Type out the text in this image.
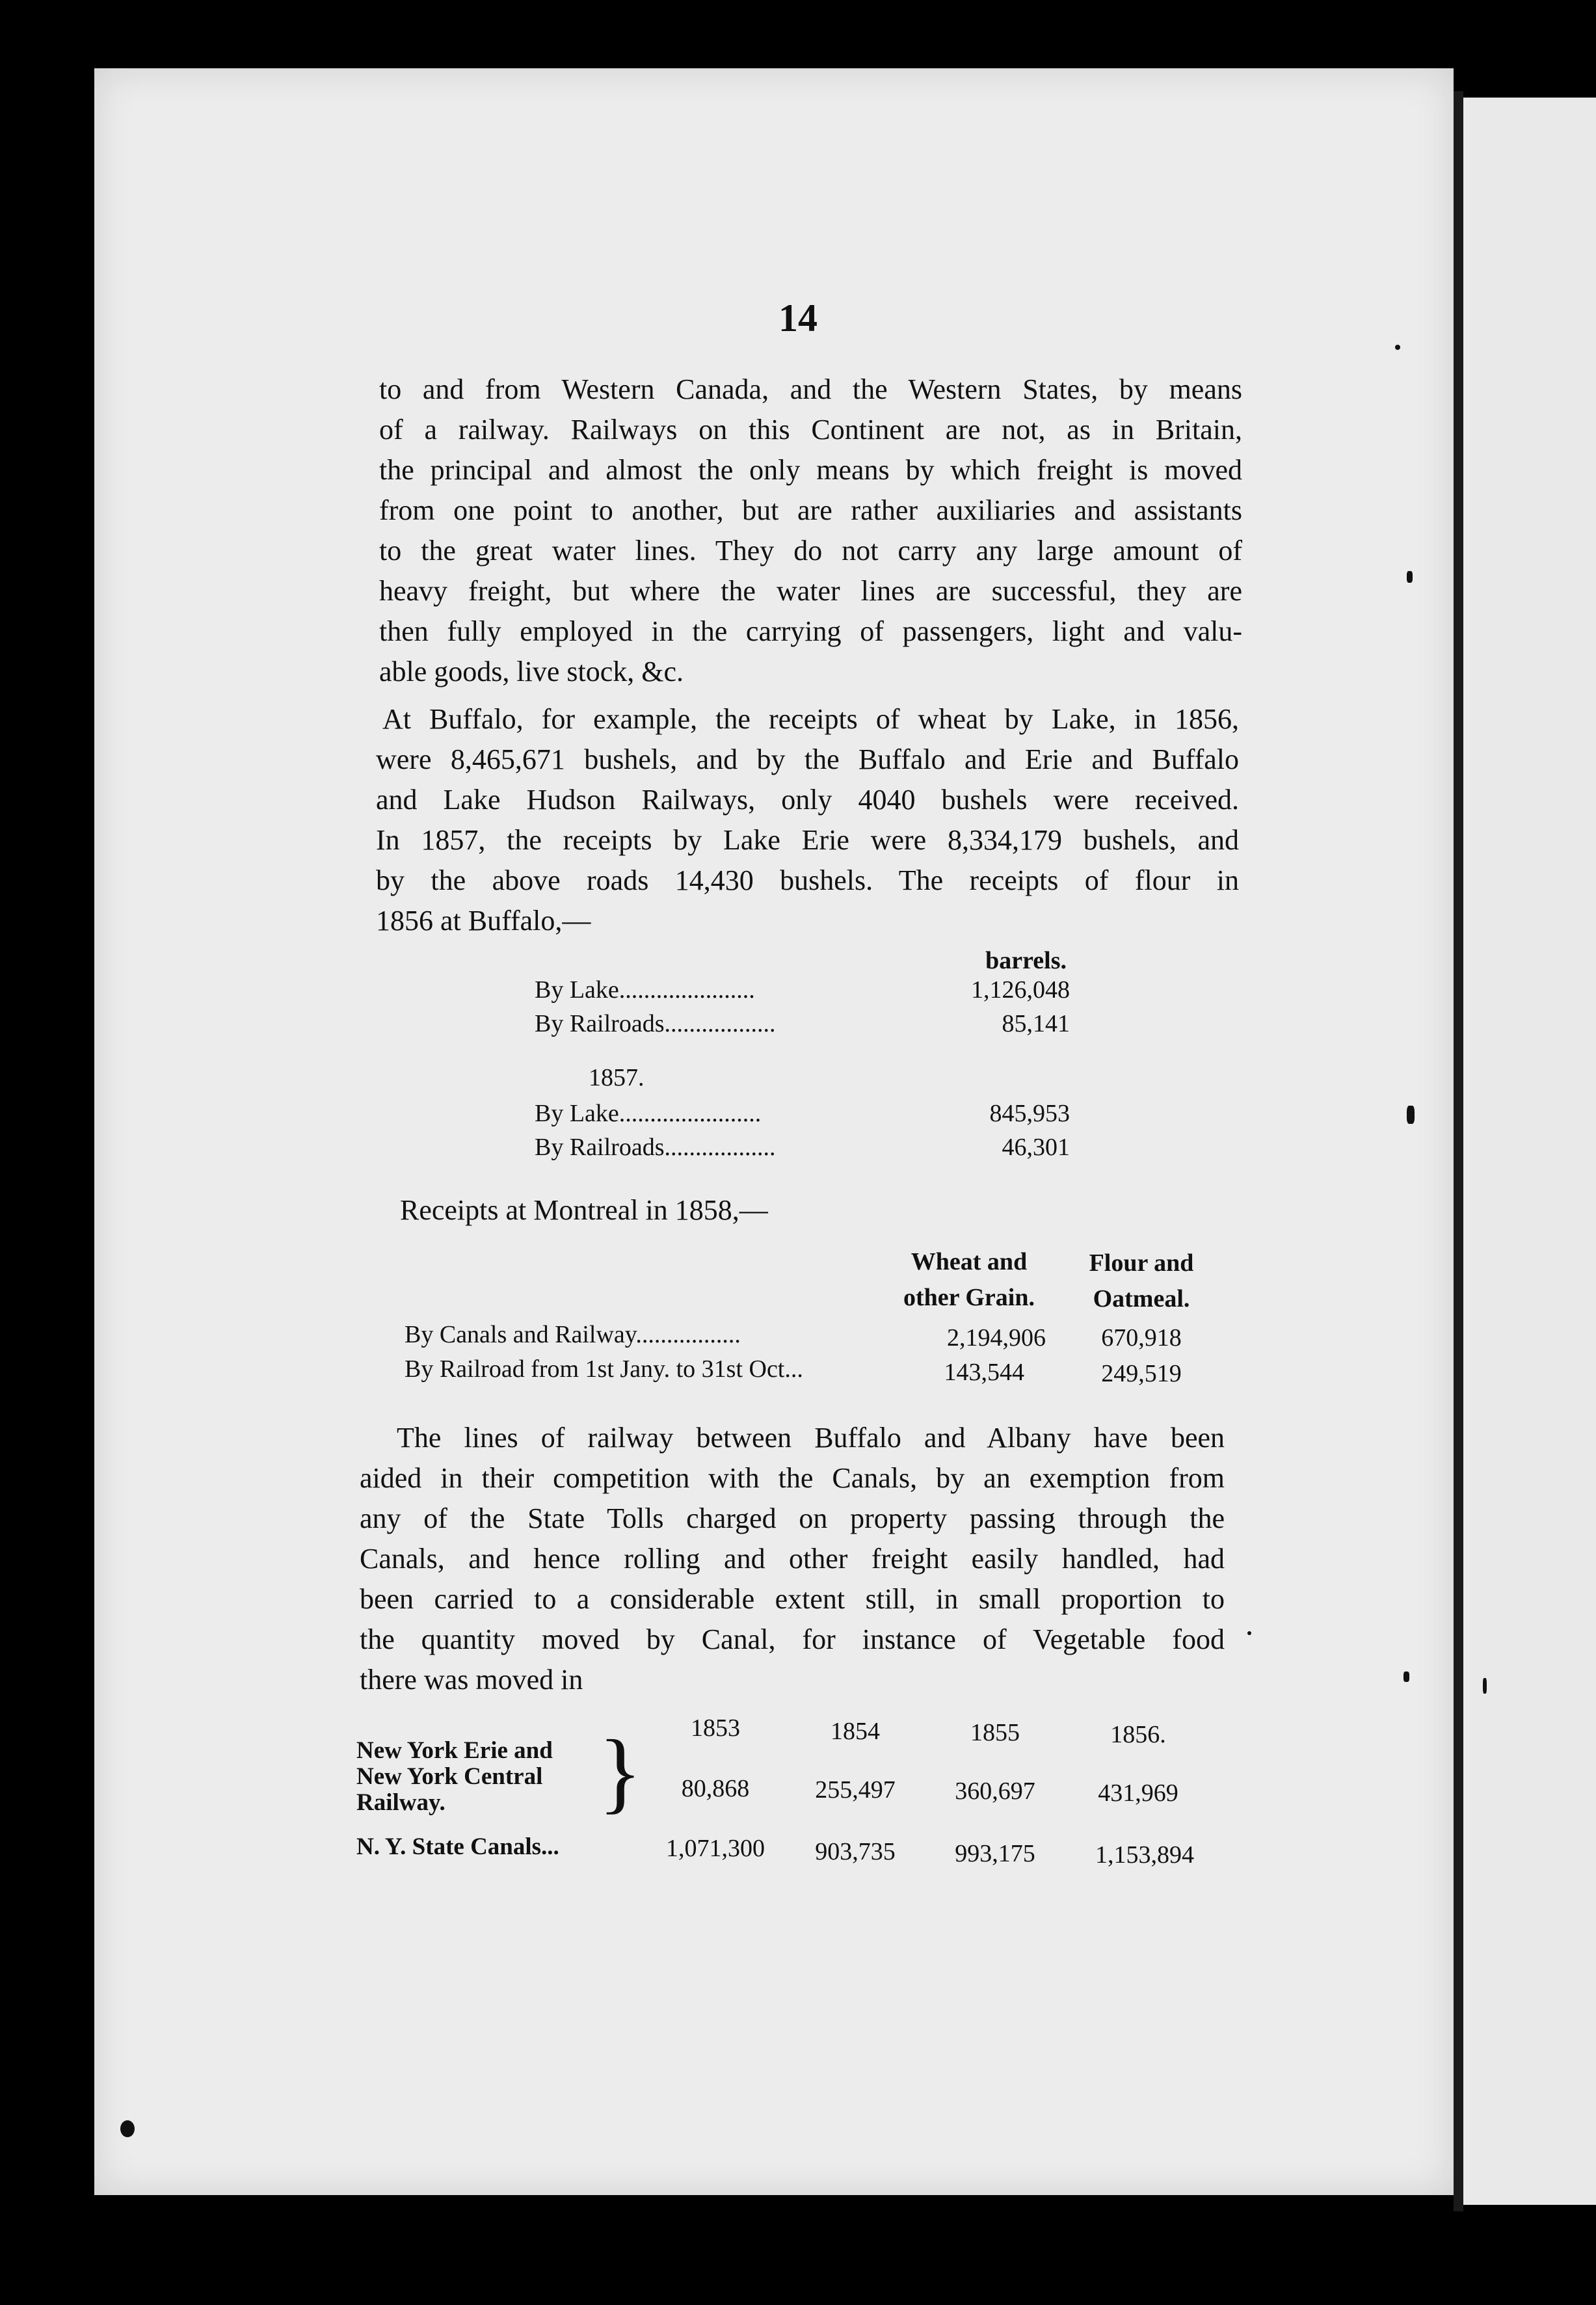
14
to and from Western Canada, and the Western States, by means
of a railway. Railways on this Continent are not, as in Britain,
the principal and almost the only means by which freight is moved
from one point to another, but are rather auxiliaries and assistants
to the great water lines. They do not carry any large amount of
heavy freight, but where the water lines are successful, they are
then fully employed in the carrying of passengers, light and valu-
able goods, live stock, &c.
At Buffalo, for example, the receipts of wheat by Lake, in 1856,
were 8,465,671 bushels, and by the Buffalo and Erie and Buffalo
and Lake Hudson Railways, only 4040 bushels were received.
In 1857, the receipts by Lake Erie were 8,334,179 bushels, and
by the above roads 14,430 bushels. The receipts of flour in
1856 at Buffalo,—
barrels.
By Lake......................	1,126,048
By Railroads..................	85,141
1857.
By Lake.......................	845,953
By Railroads..................	46,301
Receipts at Montreal in 1858,—
Wheat and
other Grain.
Flour and
Oatmeal.
By Canals and Railway.................	2,194,906	670,918
By Railroad from 1st Jany. to 31st Oct...	143,544	249,519
The lines of railway between Buffalo and Albany have been
aided in their competition with the Canals, by an exemption from
any of the State Tolls charged on property passing through the
Canals, and hence rolling and other freight easily handled, had
been carried to a considerable extent still, in small proportion to
the quantity moved by Canal, for instance of Vegetable food
there was moved in
1853	1854	1855	1856.
New York Erie and
New York Central
Railway. }	80,868	255,497	360,697	431,969
N. Y. State Canals...	1,071,300	903,735	993,175	1,153,894
